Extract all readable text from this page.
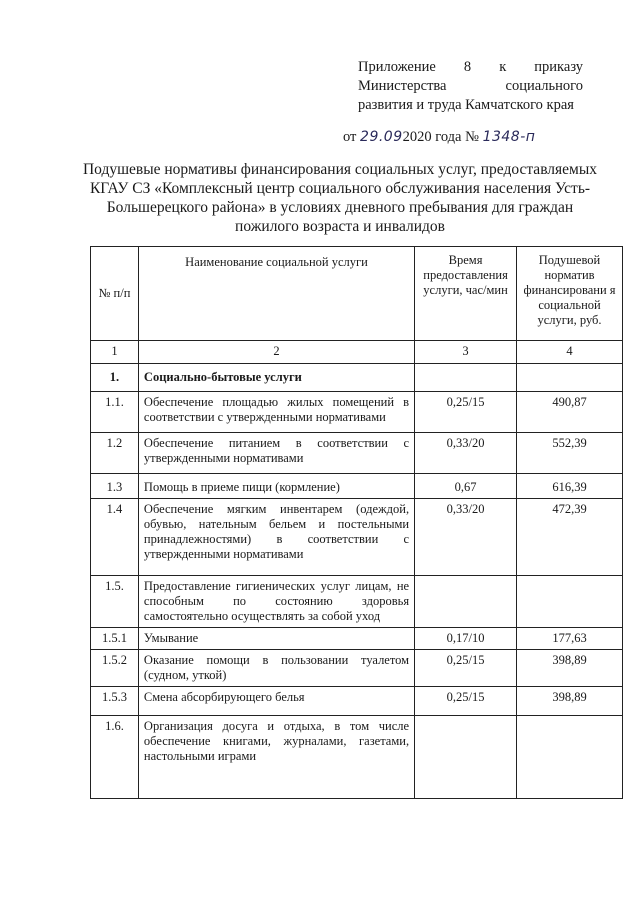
Приложение 8 к приказу
Министерства социального
развития и труда Камчатского края
от 29.092020 года № 1348-п
Подушевые нормативы финансирования социальных услуг, предоставляемых КГАУ СЗ «Комплексный центр социального обслуживания населения Усть-Большерецкого района» в условиях дневного пребывания для граждан пожилого возраста и инвалидов
№ п/п	Наименование социальной услуги	Время предоставления услуги, час/мин	Подушевой норматив финансировани я социальной услуги, руб.
1	2	3	4
1.	Социально-бытовые услуги		
1.1.	Обеспечение площадью жилых помещений в соответствии с утвержденными нормативами	0,25/15	490,87
1.2	Обеспечение питанием в соответствии с утвержденными нормативами	0,33/20	552,39
1.3	Помощь в приеме пищи (кормление)	0,67	616,39
1.4	Обеспечение мягким инвентарем (одеждой, обувью, нательным бельем и постельными принадлежностями) в соответствии с утвержденными нормативами	0,33/20	472,39
1.5.	Предоставление гигиенических услуг лицам, не способным по состоянию здоровья самостоятельно осуществлять за собой уход		
1.5.1	Умывание	0,17/10	177,63
1.5.2	Оказание помощи в пользовании туалетом (судном, уткой)	0,25/15	398,89
1.5.3	Смена абсорбирующего белья	0,25/15	398,89
1.6.	Организация досуга и отдыха, в том числе обеспечение книгами, журналами, газетами, настольными играми		
